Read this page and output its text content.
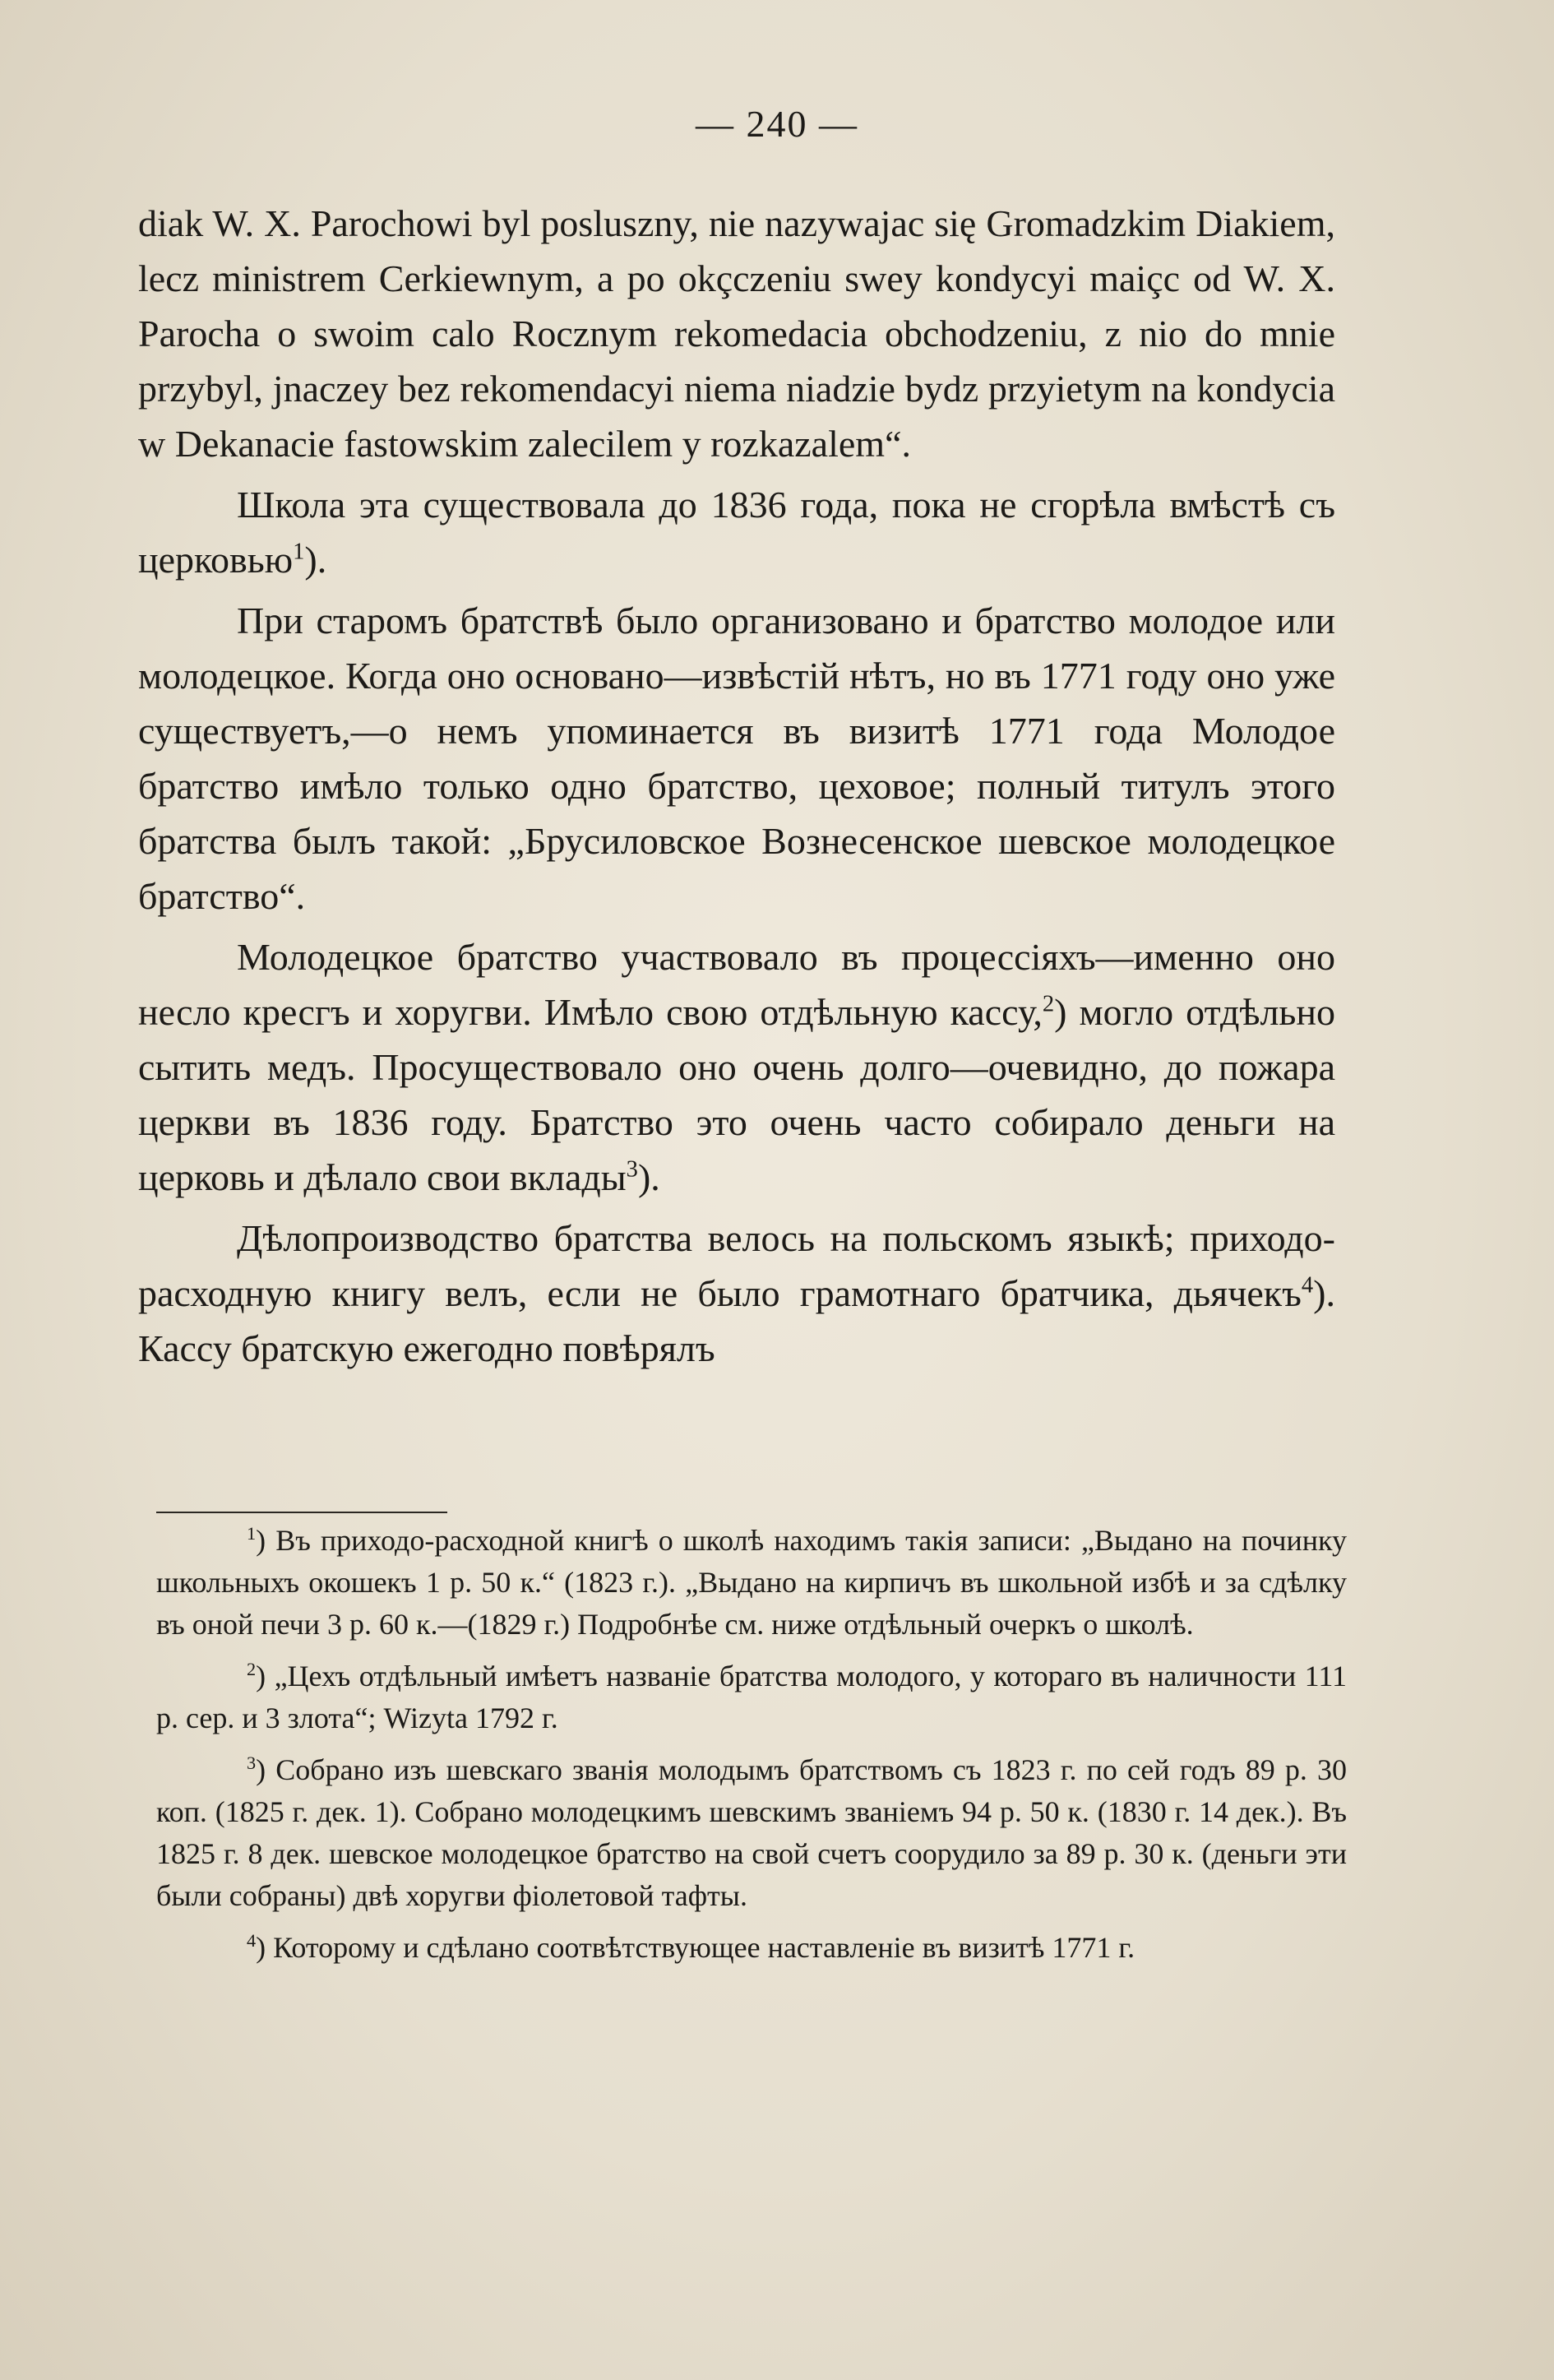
— 240 —

diak W. X. Parochowi byl posluszny, nie nazywajac się Gromadzkim Diakiem, lecz ministrem Cerkiewnym, a po okçczeniu swey kondycyi maiçc od W. X. Parocha o swoim calo Rocznym rekomedacia obchodzeniu, z nio do mnie przybyl, jnaczey bez rekomendacyi niema niadzie bydz przyietym na kondycia w Dekanacie fastowskim zalecilem y rozkazalem“.

Школа эта существовала до 1836 года, пока не сгорѣла вмѣстѣ съ церковью$^1$).

При старомъ братствѣ было организовано и братство молодое или молодецкое. Когда оно основано—извѣстій нѣтъ, но въ 1771 году оно уже существуетъ,—о немъ упоминается въ визитѣ 1771 года Молодое братство имѣло только одно братство, цеховое; полный титулъ этого братства былъ такой: „Брусиловское Вознесенское шевское молодецкое братство“.

Молодецкое братство участвовало въ процессіяхъ—именно оно несло кресгъ и хоругви. Имѣло свою отдѣльную кассу,$^2$) могло отдѣльно сытить медъ. Просуществовало оно очень долго—очевидно, до пожара церкви въ 1836 году. Братство это очень часто собирало деньги на церковь и дѣлало свои вклады$^3$).

Дѣлопроизводство братства велось на польскомъ языкѣ; приходо-расходную книгу велъ, если не было грамотнаго братчика, дьячекъ$^4$). Кассу братскую ежегодно повѣрялъ

$^1$) Въ приходо-расходной книгѣ о школѣ находимъ такія записи: „Выдано на починку школьныхъ окошекъ 1 р. 50 к.“ (1823 г.). „Выдано на кирпичъ въ школьной избѣ и за сдѣлку въ оной печи 3 р. 60 к.—(1829 г.) Подробнѣе см. ниже отдѣльный очеркъ о школѣ.

$^2$) „Цехъ отдѣльный имѣетъ названіе братства молодого, у котораго въ наличности 111 р. сер. и 3 злота“; Wizyta 1792 г.

$^3$) Собрано изъ шевскаго званія молодымъ братствомъ съ 1823 г. по сей годъ 89 р. 30 коп. (1825 г. дек. 1). Собрано молодецкимъ шевскимъ званіемъ 94 р. 50 к. (1830 г. 14 дек.). Въ 1825 г. 8 дек. шевское молодецкое братство на свой счетъ соорудило за 89 р. 30 к. (деньги эти были собраны) двѣ хоругви фіолетовой тафты.

$^4$) Которому и сдѣлано соотвѣтствующее наставленіе въ визитѣ 1771 г.
